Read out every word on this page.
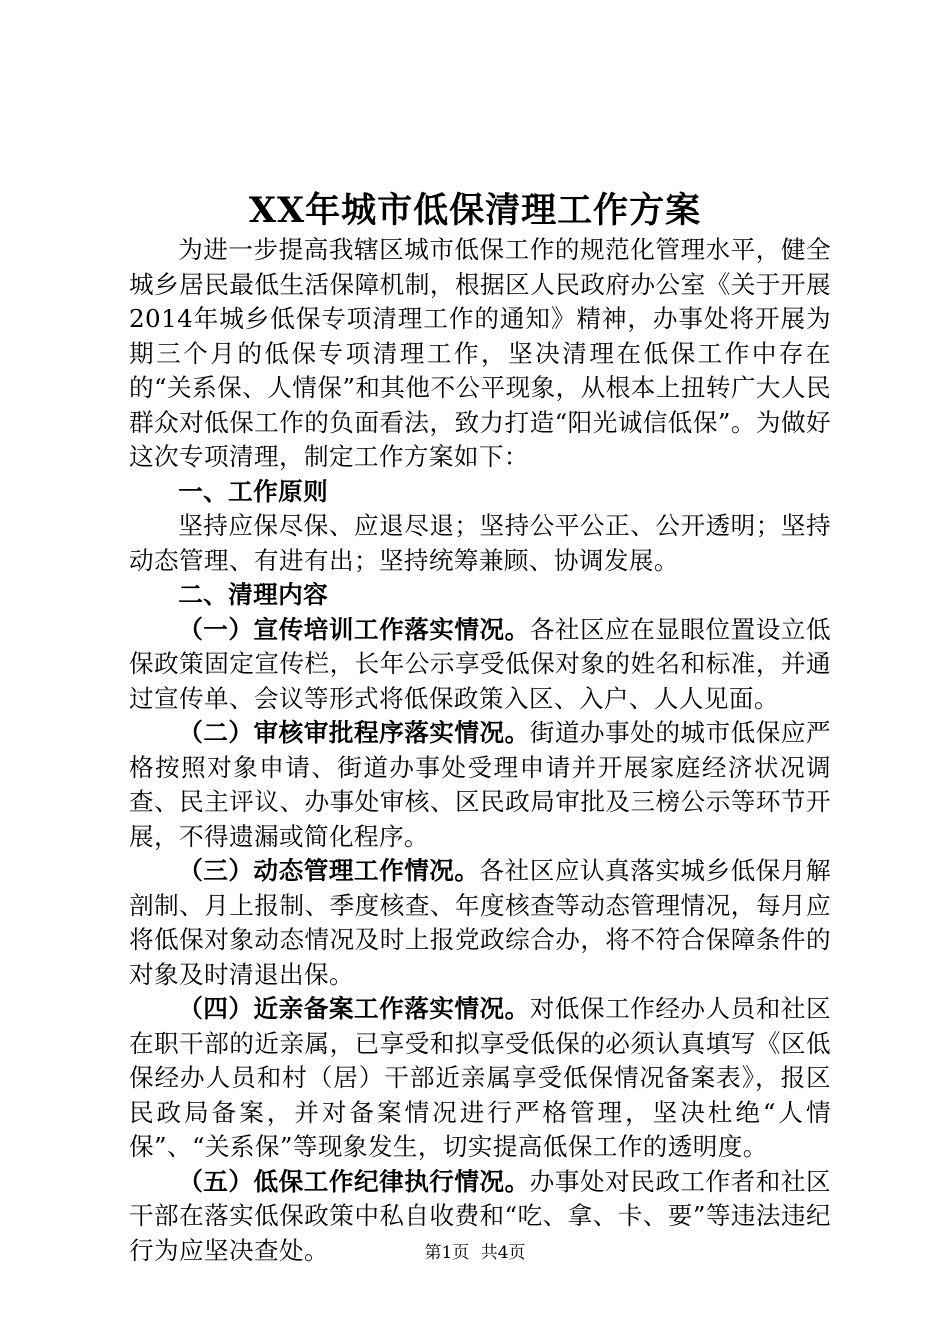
XX年城市低保清理工作方案

为进一步提高我辖区城市低保工作的规范化管理水平，健全城乡居民最低生活保障机制，根据区人民政府办公室《关于开展2014年城乡低保专项清理工作的通知》精神，办事处将开展为期三个月的低保专项清理工作，坚决清理在低保工作中存在的“关系保、人情保”和其他不公平现象，从根本上扭转广大人民群众对低保工作的负面看法，致力打造“阳光诚信低保”。为做好这次专项清理，制定工作方案如下：

一、工作原则

坚持应保尽保、应退尽退；坚持公平公正、公开透明；坚持动态管理、有进有出；坚持统筹兼顾、协调发展。

二、清理内容

（一）宣传培训工作落实情况。各社区应在显眼位置设立低保政策固定宣传栏，长年公示享受低保对象的姓名和标准，并通过宣传单、会议等形式将低保政策入区、入户、人人见面。

（二）审核审批程序落实情况。街道办事处的城市低保应严格按照对象申请、街道办事处受理申请并开展家庭经济状况调查、民主评议、办事处审核、区民政局审批及三榜公示等环节开展，不得遗漏或简化程序。

（三）动态管理工作情况。各社区应认真落实城乡低保月解剖制、月上报制、季度核查、年度核查等动态管理情况，每月应将低保对象动态情况及时上报党政综合办，将不符合保障条件的对象及时清退出保。

（四）近亲备案工作落实情况。对低保工作经办人员和社区在职干部的近亲属，已享受和拟享受低保的必须认真填写《区低保经办人员和村（居）干部近亲属享受低保情况备案表》，报区民政局备案，并对备案情况进行严格管理，坚决杜绝“人情保”、“关系保”等现象发生，切实提高低保工作的透明度。

（五）低保工作纪律执行情况。办事处对民政工作者和社区干部在落实低保政策中私自收费和“吃、拿、卡、要”等违法违纪行为应坚决查处。	第1页 共4页
